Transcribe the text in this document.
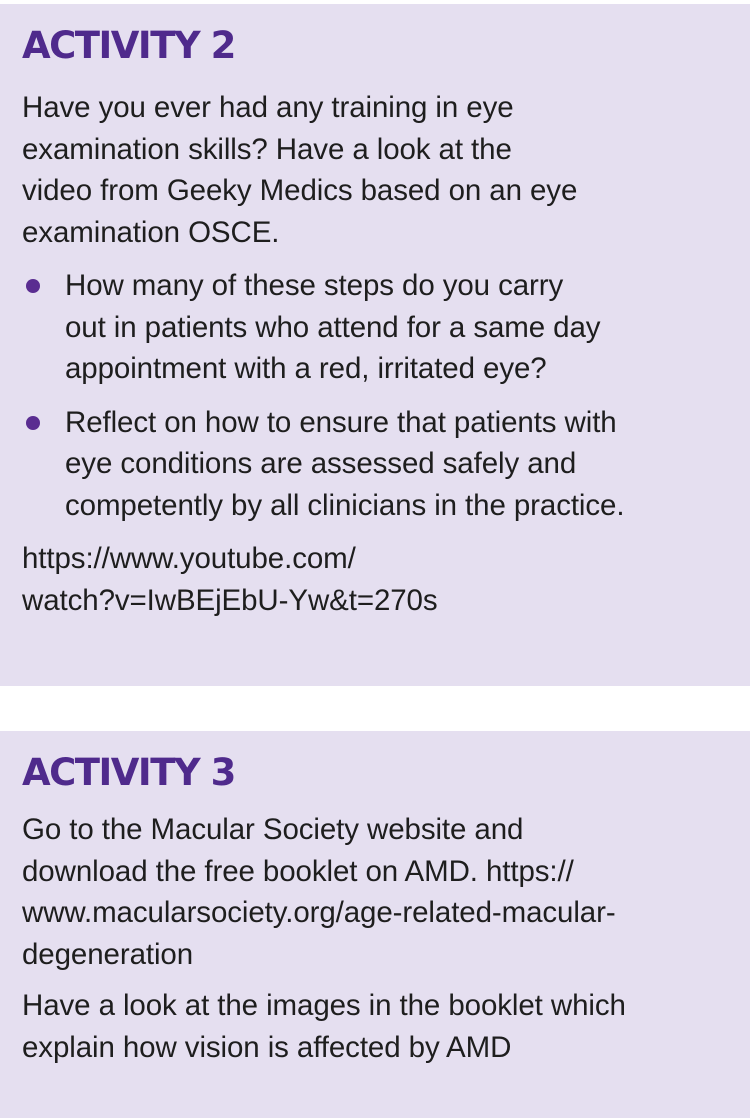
ACTIVITY 2

Have you ever had any training in eye
examination skills? Have a look at the
video from Geeky Medics based on an eye
examination OSCE.

How many of these steps do you carry
out in patients who attend for a same day
appointment with a red, irritated eye?
Reflect on how to ensure that patients with
eye conditions are assessed safely and
competently by all clinicians in the practice.

https://www.youtube.com/
watch?v=IwBEjEbU-Yw&t=270s

ACTIVITY 3

Go to the Macular Society website and
download the free booklet on AMD. https://
www.macularsociety.org/age-related-macular-
degeneration

Have a look at the images in the booklet which
explain how vision is affected by AMD
